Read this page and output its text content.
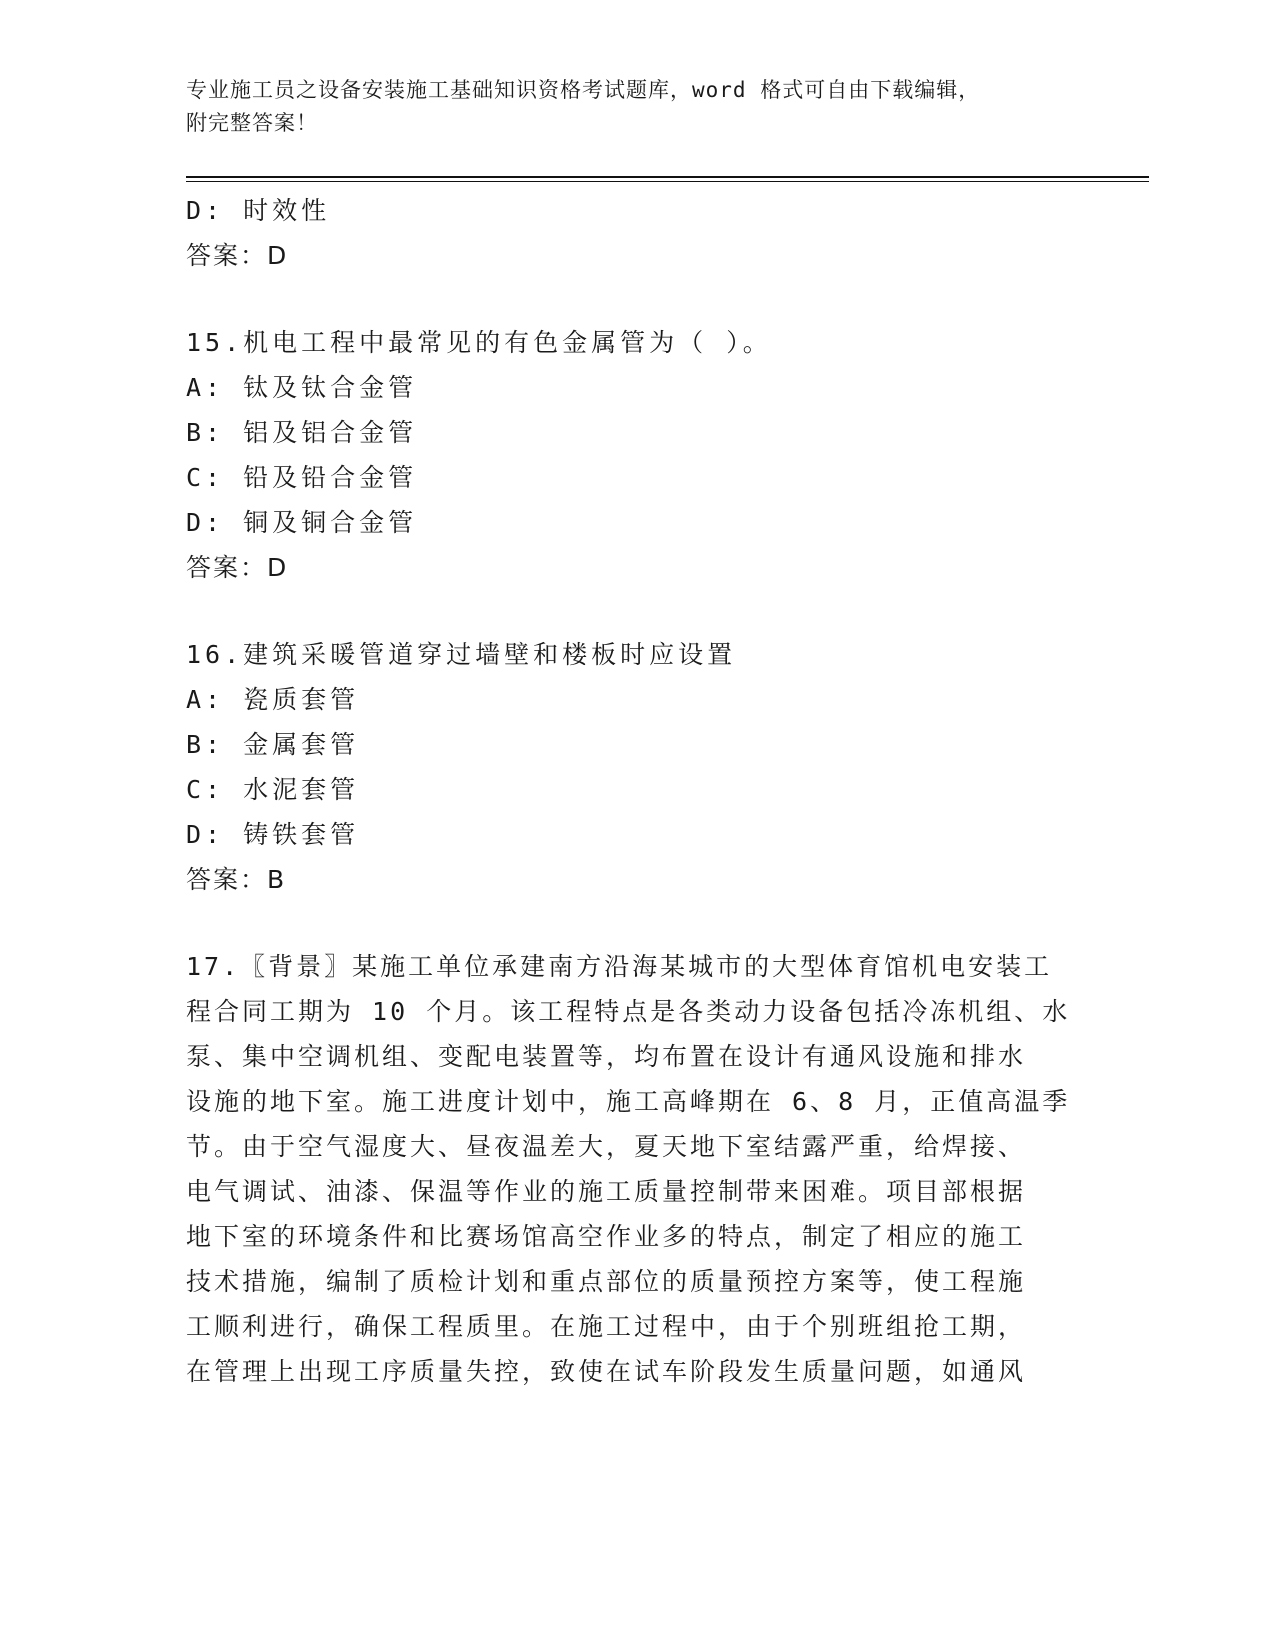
专业施工员之设备安装施工基础知识资格考试题库，word 格式可自由下载编辑，
附完整答案！
D: 时效性
答案：D
15.机电工程中最常见的有色金属管为（ ）。
A: 钛及钛合金管
B: 铝及铝合金管
C: 铅及铅合金管
D: 铜及铜合金管
答案：D
16.建筑采暖管道穿过墙壁和楼板时应设置
A: 瓷质套管
B: 金属套管
C: 水泥套管
D: 铸铁套管
答案：B
17.〖背景〗某施工单位承建南方沿海某城市的大型体育馆机电安装工
程合同工期为 10 个月。该工程特点是各类动力设备包括冷冻机组、水
泵、集中空调机组、变配电装置等，均布置在设计有通风设施和排水
设施的地下室。施工进度计划中，施工高峰期在 6、8 月，正值高温季
节。由于空气湿度大、昼夜温差大，夏天地下室结露严重，给焊接、
电气调试、油漆、保温等作业的施工质量控制带来困难。项目部根据
地下室的环境条件和比赛场馆高空作业多的特点，制定了相应的施工
技术措施，编制了质检计划和重点部位的质量预控方案等，使工程施
工顺利进行，确保工程质里。在施工过程中，由于个别班组抢工期，
在管理上出现工序质量失控，致使在试车阶段发生质量问题，如通风
